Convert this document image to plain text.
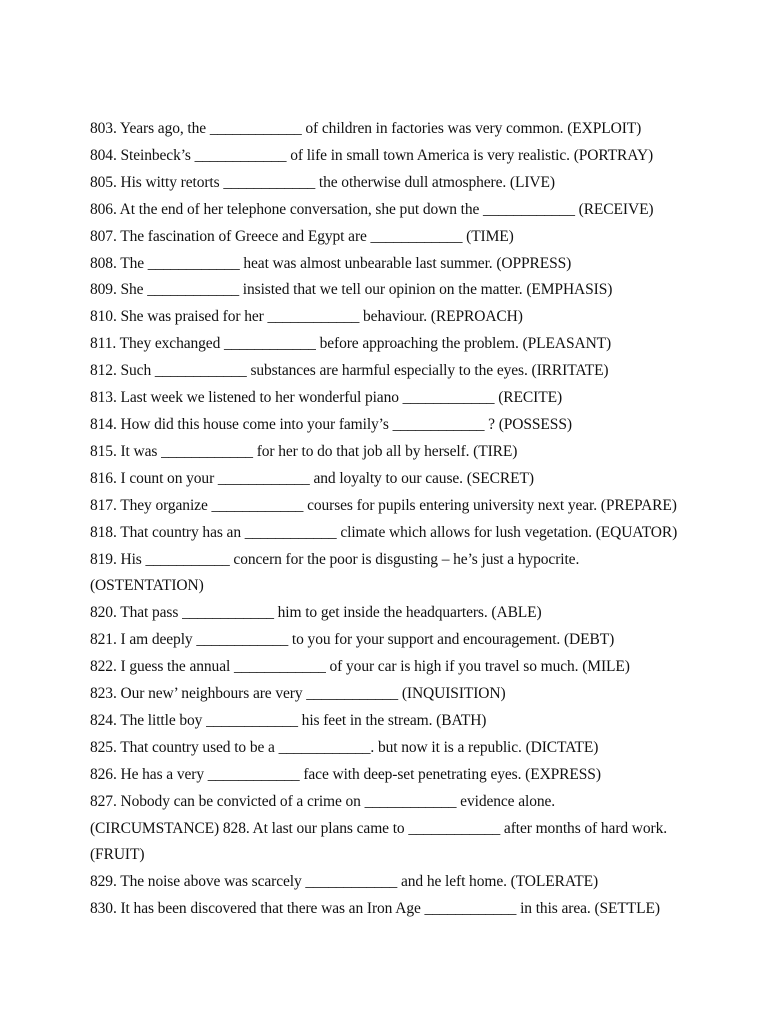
803. Years ago, the ____________ of children in factories was very common. (EXPLOIT)
804. Steinbeck’s ____________ of life in small town America is very realistic. (PORTRAY)
805. His witty retorts ____________ the otherwise dull atmosphere. (LIVE)
806. At the end of her telephone conversation, she put down the ____________ (RECEIVE)
807. The fascination of Greece and Egypt are ____________ (TIME)
808. The ____________ heat was almost unbearable last summer. (OPPRESS)
809. She ____________ insisted that we tell our opinion on the matter. (EMPHASIS)
810. She was praised for her ____________ behaviour. (REPROACH)
811. They exchanged ____________ before approaching the problem. (PLEASANT)
812. Such ____________ substances are harmful especially to the eyes. (IRRITATE)
813. Last week we listened to her wonderful piano ____________ (RECITE)
814. How did this house come into your family’s ____________ ? (POSSESS)
815. It was ____________ for her to do that job all by herself. (TIRE)
816. I count on your ____________ and loyalty to our cause. (SECRET)
817. They organize ____________ courses for pupils entering university next year. (PREPARE)
818. That country has an ____________ climate which allows for lush vegetation. (EQUATOR)
819. His ___________ concern for the poor is disgusting – he’s just a hypocrite.
(OSTENTATION)
820. That pass ____________ him to get inside the headquarters. (ABLE)
821. I am deeply ____________ to you for your support and encouragement. (DEBT)
822. I guess the annual ____________ of your car is high if you travel so much. (MILE)
823. Our new’ neighbours are very ____________ (INQUISITION)
824. The little boy ____________ his feet in the stream. (BATH)
825. That country used to be a ____________. but now it is a republic. (DICTATE)
826. He has a very ____________ face with deep-set penetrating eyes. (EXPRESS)
827. Nobody can be convicted of a crime on ____________ evidence alone.
(CIRCUMSTANCE) 828. At last our plans came to ____________ after months of hard work.
(FRUIT)
829. The noise above was scarcely ____________ and he left home. (TOLERATE)
830. It has been discovered that there was an Iron Age ____________ in this area. (SETTLE)
